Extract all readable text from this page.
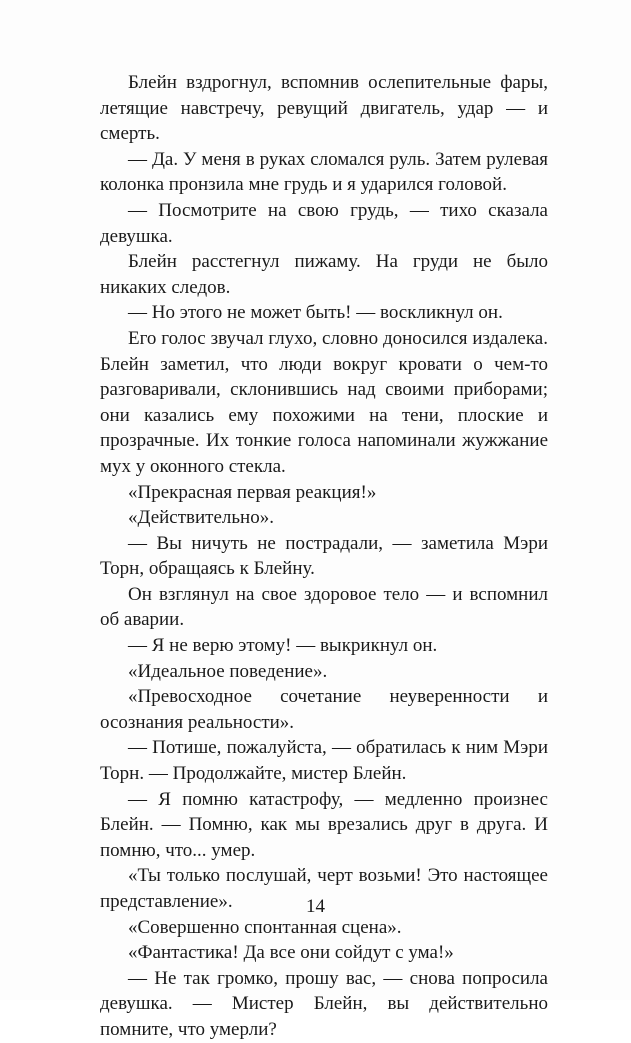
Блейн вздрогнул, вспомнив ослепительные фары, летящие навстречу, ревущий двигатель, удар — и смерть.

— Да. У меня в руках сломался руль. Затем рулевая колонка пронзила мне грудь и я ударился головой.

— Посмотрите на свою грудь, — тихо сказала девушка.

Блейн расстегнул пижаму. На груди не было никаких следов.

— Но этого не может быть! — воскликнул он.

Его голос звучал глухо, словно доносился издалека. Блейн заметил, что люди вокруг кровати о чем-то разговаривали, склонившись над своими приборами; они казались ему похожими на тени, плоские и прозрачные. Их тонкие голоса напоминали жужжание мух у оконного стекла.

«Прекрасная первая реакция!»

«Действительно».

— Вы ничуть не пострадали, — заметила Мэри Торн, обращаясь к Блейну.

Он взглянул на свое здоровое тело — и вспомнил об аварии.

— Я не верю этому! — выкрикнул он.

«Идеальное поведение».

«Превосходное сочетание неуверенности и осознания реальности».

— Потише, пожалуйста, — обратилась к ним Мэри Торн. — Продолжайте, мистер Блейн.

— Я помню катастрофу, — медленно произнес Блейн. — Помню, как мы врезались друг в друга. И помню, что... умер.

«Ты только послушай, черт возьми! Это настоящее представление».

«Совершенно спонтанная сцена».

«Фантастика! Да все они сойдут с ума!»

— Не так громко, прошу вас, — снова попросила девушка. — Мистер Блейн, вы действительно помните, что умерли?

14
